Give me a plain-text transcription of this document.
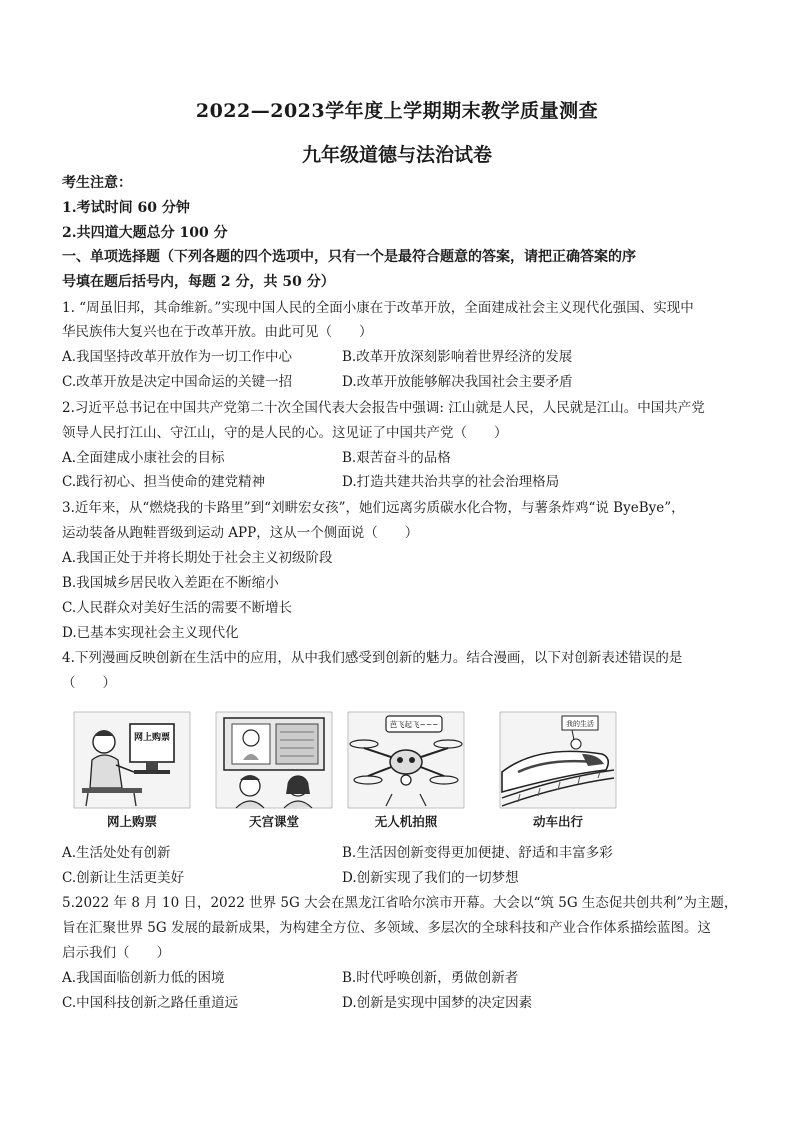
2022—2023学年度上学期期末教学质量测查
九年级道德与法治试卷
考生注意：
1.考试时间 60 分钟
2.共四道大题总分 100 分
一、单项选择题（下列各题的四个选项中，只有一个是最符合题意的答案，请把正确答案的序
号填在题后括号内，每题 2 分，共 50 分）
1. “周虽旧邦，其命维新。”实现中国人民的全面小康在于改革开放，全面建成社会主义现代化强国、实现中
华民族伟大复兴也在于改革开放。由此可见（　　）
A.我国坚持改革开放作为一切工作中心	B.改革开放深刻影响着世界经济的发展
C.改革开放是决定中国命运的关键一招	D.改革开放能够解决我国社会主要矛盾
2.习近平总书记在中国共产党第二十次全国代表大会报告中强调: 江山就是人民，人民就是江山。中国共产党
领导人民打江山、守江山，守的是人民的心。这见证了中国共产党（　　）
A.全面建成小康社会的目标	B.艰苦奋斗的品格
C.践行初心、担当使命的建党精神	D.打造共建共治共享的社会治理格局
3.近年来，从“燃烧我的卡路里”到“刘畊宏女孩”，她们远离劣质碳水化合物，与薯条炸鸡“说 ByeBye”，
运动装备从跑鞋晋级到运动 APP，这从一个侧面说（　　）
A.我国正处于并将长期处于社会主义初级阶段
B.我国城乡居民收入差距在不断缩小
C.人民群众对美好生活的需要不断增长
D.已基本实现社会主义现代化
4.下列漫画反映创新在生活中的应用，从中我们感受到创新的魅力。结合漫画，以下对创新表述错误的是
（　　）
网上购票
芭飞起飞~~~	我的生活
网上购票	天宫课堂	无人机拍照	动车出行
A.生活处处有创新	B.生活因创新变得更加便捷、舒适和丰富多彩
C.创新让生活更美好	D.创新实现了我们的一切梦想
5.2022 年 8 月 10 日，2022 世界 5G 大会在黑龙江省哈尔滨市开幕。大会以“筑 5G 生态促共创共利”为主题，
旨在汇聚世界 5G 发展的最新成果，为构建全方位、多领域、多层次的全球科技和产业合作体系描绘蓝图。这
启示我们（　　）
A.我国面临创新力低的困境	B.时代呼唤创新，勇做创新者
C.中国科技创新之路任重道远	D.创新是实现中国梦的决定因素
